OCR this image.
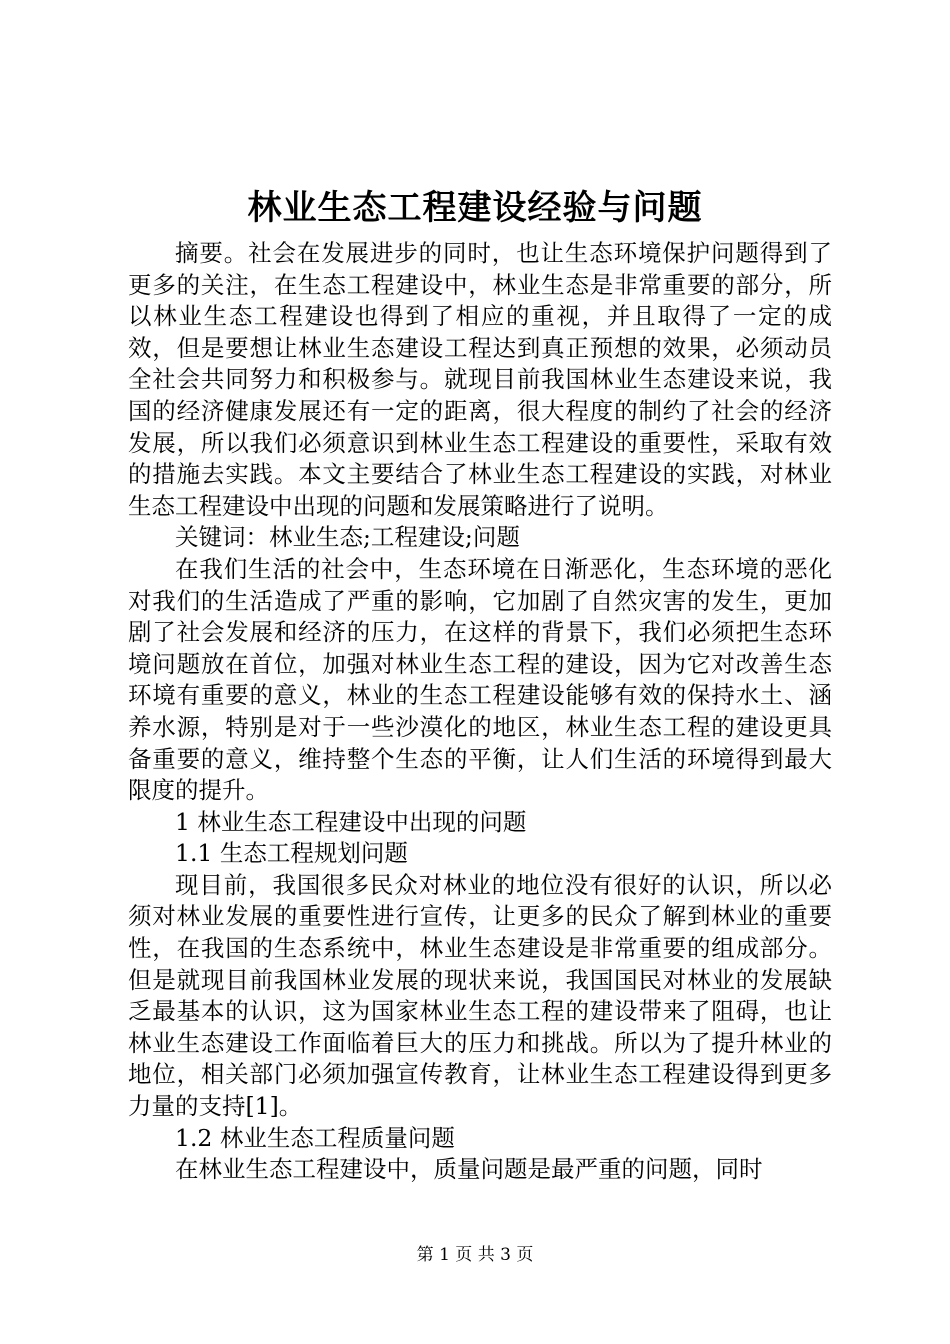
林业生态工程建设经验与问题

摘要。社会在发展进步的同时，也让生态环境保护问题得到了更多的关注，在生态工程建设中，林业生态是非常重要的部分，所以林业生态工程建设也得到了相应的重视，并且取得了一定的成效，但是要想让林业生态建设工程达到真正预想的效果，必须动员全社会共同努力和积极参与。就现目前我国林业生态建设来说，我国的经济健康发展还有一定的距离，很大程度的制约了社会的经济发展，所以我们必须意识到林业生态工程建设的重要性，采取有效的措施去实践。本文主要结合了林业生态工程建设的实践，对林业生态工程建设中出现的问题和发展策略进行了说明。

关键词：林业生态;工程建设;问题

在我们生活的社会中，生态环境在日渐恶化，生态环境的恶化对我们的生活造成了严重的影响，它加剧了自然灾害的发生，更加剧了社会发展和经济的压力，在这样的背景下，我们必须把生态环境问题放在首位，加强对林业生态工程的建设，因为它对改善生态环境有重要的意义，林业的生态工程建设能够有效的保持水土、涵养水源，特别是对于一些沙漠化的地区，林业生态工程的建设更具备重要的意义，维持整个生态的平衡，让人们生活的环境得到最大限度的提升。

1 林业生态工程建设中出现的问题

1.1 生态工程规划问题

现目前，我国很多民众对林业的地位没有很好的认识，所以必须对林业发展的重要性进行宣传，让更多的民众了解到林业的重要性，在我国的生态系统中，林业生态建设是非常重要的组成部分。但是就现目前我国林业发展的现状来说，我国国民对林业的发展缺乏最基本的认识，这为国家林业生态工程的建设带来了阻碍，也让林业生态建设工作面临着巨大的压力和挑战。所以为了提升林业的地位，相关部门必须加强宣传教育，让林业生态工程建设得到更多力量的支持[1]。

1.2 林业生态工程质量问题

在林业生态工程建设中，质量问题是最严重的问题，同时

第 1 页 共 3 页
